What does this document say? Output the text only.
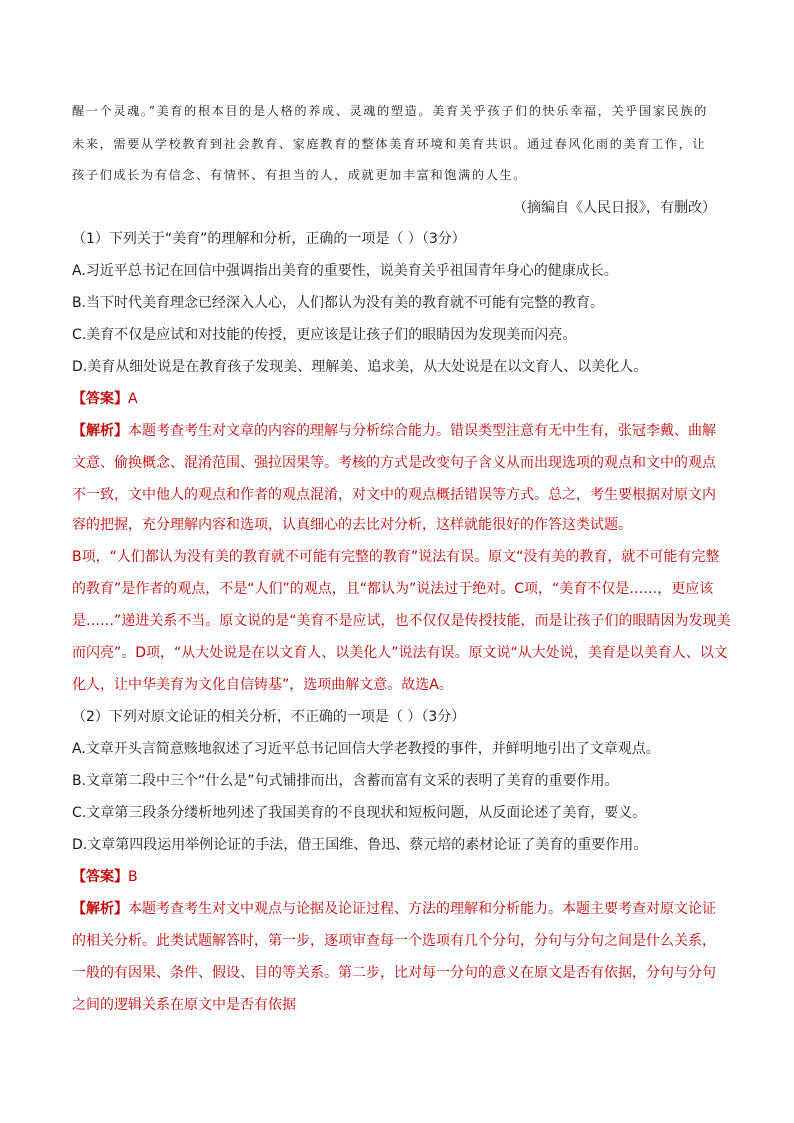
醒一个灵魂。”美育的根本目的是人格的养成、灵魂的塑造。美育关乎孩子们的快乐幸福，关乎国家民族的
未来，需要从学校教育到社会教育、家庭教育的整体美育环境和美育共识。通过春风化雨的美育工作，让
孩子们成长为有信念、有情怀、有担当的人，成就更加丰富和饱满的人生。
（摘编自《人民日报》，有删改）
（1）下列关于“美育”的理解和分析，正确的一项是（ ）（3分）
A.习近平总书记在回信中强调指出美育的重要性，说美育关乎祖国青年身心的健康成长。
B.当下时代美育理念已经深入人心，人们都认为没有美的教育就不可能有完整的教育。
C.美育不仅是应试和对技能的传授，更应该是让孩子们的眼睛因为发现美而闪亮。
D.美育从细处说是在教育孩子发现美、理解美、追求美，从大处说是在以文育人、以美化人。
【答案】A
【解析】本题考查考生对文章的内容的理解与分析综合能力。错误类型注意有无中生有，张冠李戴、曲解
文意、偷换概念、混淆范围、强拉因果等。考核的方式是改变句子含义从而出现选项的观点和文中的观点
不一致，文中他人的观点和作者的观点混淆，对文中的观点概括错误等方式。总之，考生要根据对原文内
容的把握，充分理解内容和选项，认真细心的去比对分析，这样就能很好的作答这类试题。
B项，“人们都认为没有美的教育就不可能有完整的教育”说法有误。原文“没有美的教育，就不可能有完整
的教育”是作者的观点，不是“人们”的观点，且“都认为”说法过于绝对。C项，“美育不仅是……，更应该
是……”递进关系不当。原文说的是“美育不是应试，也不仅仅是传授技能，而是让孩子们的眼睛因为发现美
而闪亮”。D项，“从大处说是在以文育人、以美化人”说法有误。原文说“从大处说，美育是以美育人、以文
化人，让中华美育为文化自信铸基”，选项曲解文意。故选A。
（2）下列对原文论证的相关分析，不正确的一项是（ ）（3分）
A.文章开头言简意赅地叙述了习近平总书记回信大学老教授的事件，并鲜明地引出了文章观点。
B.文章第二段中三个“什么是”句式铺排而出，含蓄而富有文采的表明了美育的重要作用。
C.文章第三段条分缕析地列述了我国美育的不良现状和短板问题，从反面论述了美育，要义。
D.文章第四段运用举例论证的手法，借王国维、鲁迅、蔡元培的素材论证了美育的重要作用。
【答案】B
【解析】本题考查考生对文中观点与论据及论证过程、方法的理解和分析能力。本题主要考查对原文论证
的相关分析。此类试题解答时，第一步，逐项审查每一个选项有几个分句，分句与分句之间是什么关系，
一般的有因果、条件、假设、目的等关系。第二步，比对每一分句的意义在原文是否有依据，分句与分句
之间的逻辑关系在原文中是否有依据
